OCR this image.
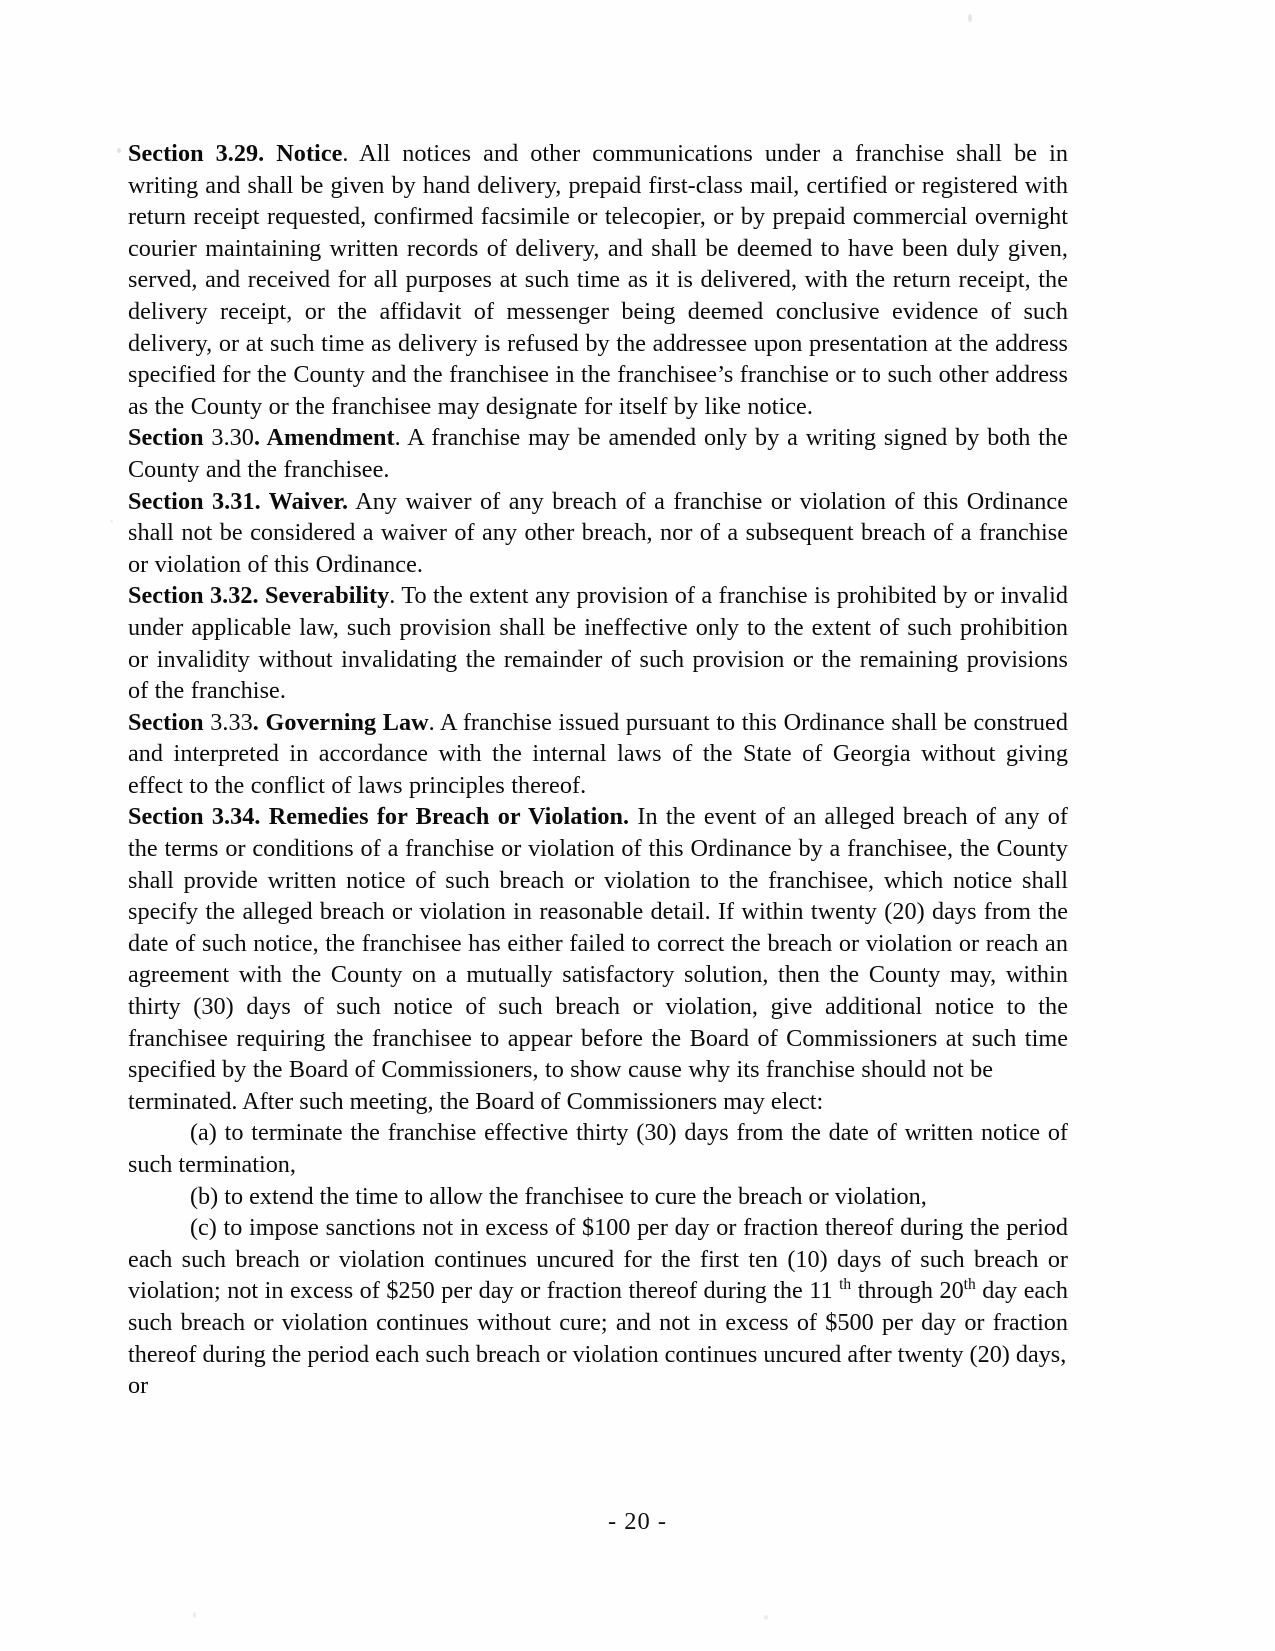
Section 3.29. Notice. All notices and other communications under a franchise shall be in writing and shall be given by hand delivery, prepaid first-class mail, certified or registered with return receipt requested, confirmed facsimile or telecopier, or by prepaid commercial overnight courier maintaining written records of delivery, and shall be deemed to have been duly given, served, and received for all purposes at such time as it is delivered, with the return receipt, the delivery receipt, or the affidavit of messenger being deemed conclusive evidence of such delivery, or at such time as delivery is refused by the addressee upon presentation at the address specified for the County and the franchisee in the franchisee’s franchise or to such other address as the County or the franchisee may designate for itself by like notice.

Section 3.30. Amendment. A franchise may be amended only by a writing signed by both the County and the franchisee.

Section 3.31. Waiver. Any waiver of any breach of a franchise or violation of this Ordinance shall not be considered a waiver of any other breach, nor of a subsequent breach of a franchise or violation of this Ordinance.

Section 3.32. Severability. To the extent any provision of a franchise is prohibited by or invalid under applicable law, such provision shall be ineffective only to the extent of such prohibition or invalidity without invalidating the remainder of such provision or the remaining provisions of the franchise.

Section 3.33. Governing Law. A franchise issued pursuant to this Ordinance shall be construed and interpreted in accordance with the internal laws of the State of Georgia without giving effect to the conflict of laws principles thereof.

Section 3.34. Remedies for Breach or Violation. In the event of an alleged breach of any of the terms or conditions of a franchise or violation of this Ordinance by a franchisee, the County shall provide written notice of such breach or violation to the franchisee, which notice shall specify the alleged breach or violation in reasonable detail. If within twenty (20) days from the date of such notice, the franchisee has either failed to correct the breach or violation or reach an agreement with the County on a mutually satisfactory solution, then the County may, within thirty (30) days of such notice of such breach or violation, give additional notice to the franchisee requiring the franchisee to appear before the Board of Commissioners at such time specified by the Board of Commissioners, to show cause why its franchise should not be

terminated. After such meeting, the Board of Commissioners may elect:

(a) to terminate the franchise effective thirty (30) days from the date of written notice of such termination,

(b) to extend the time to allow the franchisee to cure the breach or violation,

(c) to impose sanctions not in excess of $100 per day or fraction thereof during the period each such breach or violation continues uncured for the first ten (10) days of such breach or violation; not in excess of $250 per day or fraction thereof during the 11 $^{th}$ through 20th day each such breach or violation continues without cure; and not in excess of $500 per day or fraction thereof during the period each such breach or violation continues uncured after twenty (20) days,

or

- 20 -
